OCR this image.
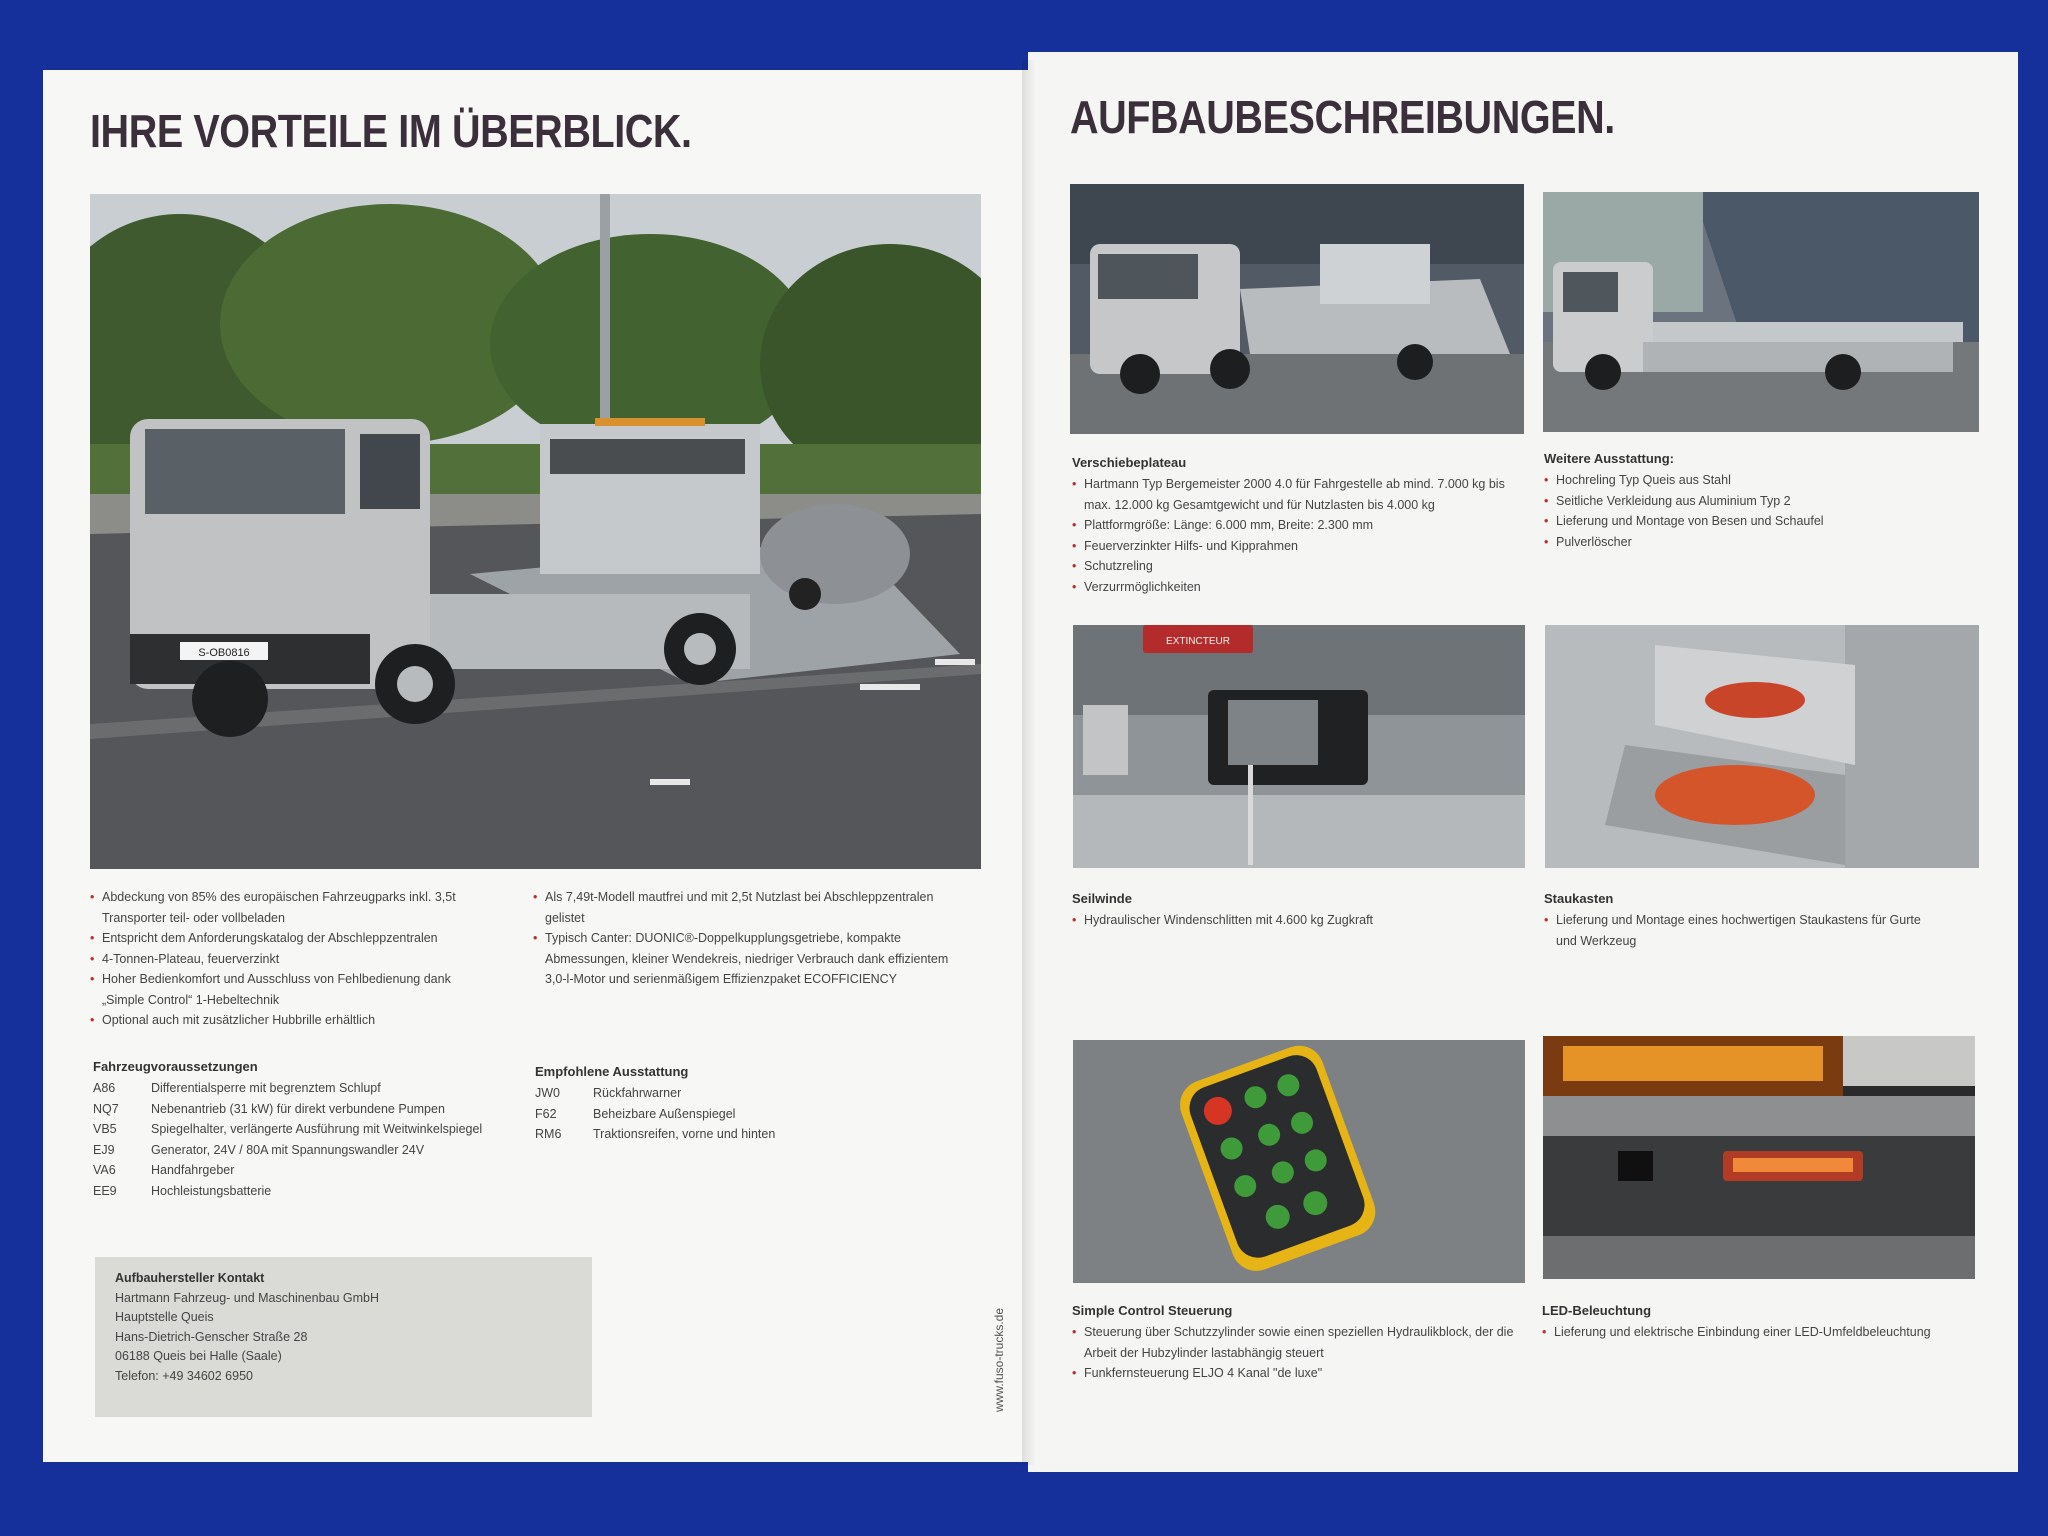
IHRE VORTEILE IM ÜBERBLICK.	AUFBAUBESCHREIBUNGEN.
S-OB0816
• Abdeckung von 85% des europäischen Fahrzeugparks inkl. 3,5t Transporter teil- oder vollbeladen
• Entspricht dem Anforderungskatalog der Abschleppzentralen
• 4-Tonnen-Plateau, feuerverzinkt
• Hoher Bedienkomfort und Ausschluss von Fehlbedienung dank „Simple Control“ 1-Hebeltechnik
• Optional auch mit zusätzlicher Hubbrille erhältlich
• Als 7,49t-Modell mautfrei und mit 2,5t Nutzlast bei Abschleppzentralen gelistet
• Typisch Canter: DUONIC®-Doppelkupplungsgetriebe, kompakte Abmessungen, kleiner Wendekreis, niedriger Verbrauch dank effizientem 3,0-l-Motor und serienmäßigem Effizienzpaket ECOFFICIENCY
Fahrzeugvoraussetzungen
A86	Differentialsperre mit begrenztem Schlupf
NQ7	Nebenantrieb (31 kW) für direkt verbundene Pumpen
VB5	Spiegelhalter, verlängerte Ausführung mit Weitwinkelspiegel
EJ9	Generator, 24V / 80A mit Spannungswandler 24V
VA6	Handfahrgeber
EE9	Hochleistungsbatterie
Empfohlene Ausstattung
JW0	Rückfahrwarner
F62	Beheizbare Außenspiegel
RM6	Traktionsreifen, vorne und hinten

Aufbauhersteller Kontakt

Hartmann Fahrzeug- und Maschinenbau GmbH

Hauptstelle Queis

Hans-Dietrich-Genscher Straße 28

06188 Queis bei Halle (Saale)

Telefon: +49 34602 6950	www.fuso-trucks.de
EXTINCTEUR
Verschiebeplateau
• Hartmann Typ Bergemeister 2000 4.0 für Fahrgestelle ab mind. 7.000 kg bis max. 12.000 kg Gesamtgewicht und für Nutzlasten bis 4.000 kg
• Plattformgröße: Länge: 6.000 mm, Breite: 2.300 mm
• Feuerverzinkter Hilfs- und Kipprahmen
• Schutzreling
• Verzurrmöglichkeiten
Weitere Ausstattung:
• Hochreling Typ Queis aus Stahl
• Seitliche Verkleidung aus Aluminium Typ 2
• Lieferung und Montage von Besen und Schaufel
• Pulverlöscher
Seilwinde
• Hydraulischer Windenschlitten mit 4.600 kg Zugkraft
Staukasten
• Lieferung und Montage eines hochwertigen Staukastens für Gurte und Werkzeug
Simple Control Steuerung
• Steuerung über Schutzzylinder sowie einen speziellen Hydraulikblock, der die Arbeit der Hubzylinder lastabhängig steuert
• Funkfernsteuerung ELJO 4 Kanal "de luxe"
LED-Beleuchtung
• Lieferung und elektrische Einbindung einer LED-Umfeldbeleuchtung
